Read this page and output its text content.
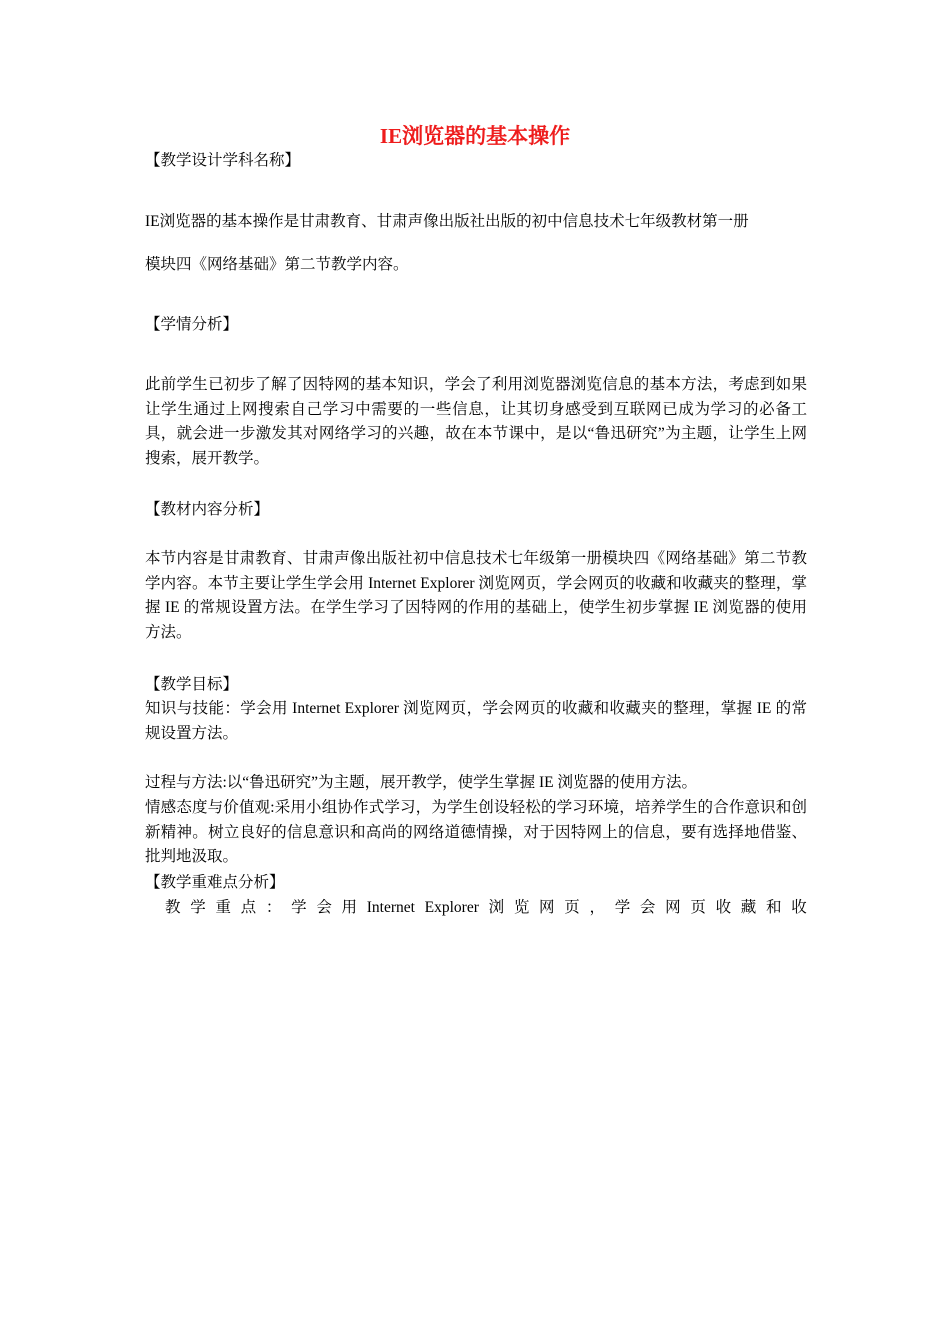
IE浏览器的基本操作
【教学设计学科名称】
IE浏览器的基本操作是甘肃教育、甘肃声像出版社出版的初中信息技术七年级教材第一册
模块四《网络基础》第二节教学内容。
【学情分析】
此前学生已初步了解了因特网的基本知识，学会了利用浏览器浏览信息的基本方法，考虑到如果让学生通过上网搜索自己学习中需要的一些信息，让其切身感受到互联网已成为学习的必备工具，就会进一步激发其对网络学习的兴趣，故在本节课中，是以“鲁迅研究”为主题，让学生上网搜索，展开教学。
【教材内容分析】
本节内容是甘肃教育、甘肃声像出版社初中信息技术七年级第一册模块四《网络基础》第二节教学内容。本节主要让学生学会用 Internet Explorer 浏览网页，学会网页的收藏和收藏夹的整理，掌握 IE 的常规设置方法。在学生学习了因特网的作用的基础上，使学生初步掌握 IE 浏览器的使用方法。
【教学目标】
知识与技能：学会用 Internet Explorer 浏览网页，学会网页的收藏和收藏夹的整理，掌握 IE 的常规设置方法。
过程与方法:以“鲁迅研究”为主题，展开教学，使学生掌握 IE 浏览器的使用方法。
情感态度与价值观:采用小组协作式学习，为学生创设轻松的学习环境，培养学生的合作意识和创新精神。树立良好的信息意识和高尚的网络道德情操，对于因特网上的信息，要有选择地借鉴、批判地汲取。
【教学重难点分析】
教 学 重 点 ： 学 会 用 Internet Explorer 浏 览 网 页 ， 学 会 网 页 收 藏 和 收
